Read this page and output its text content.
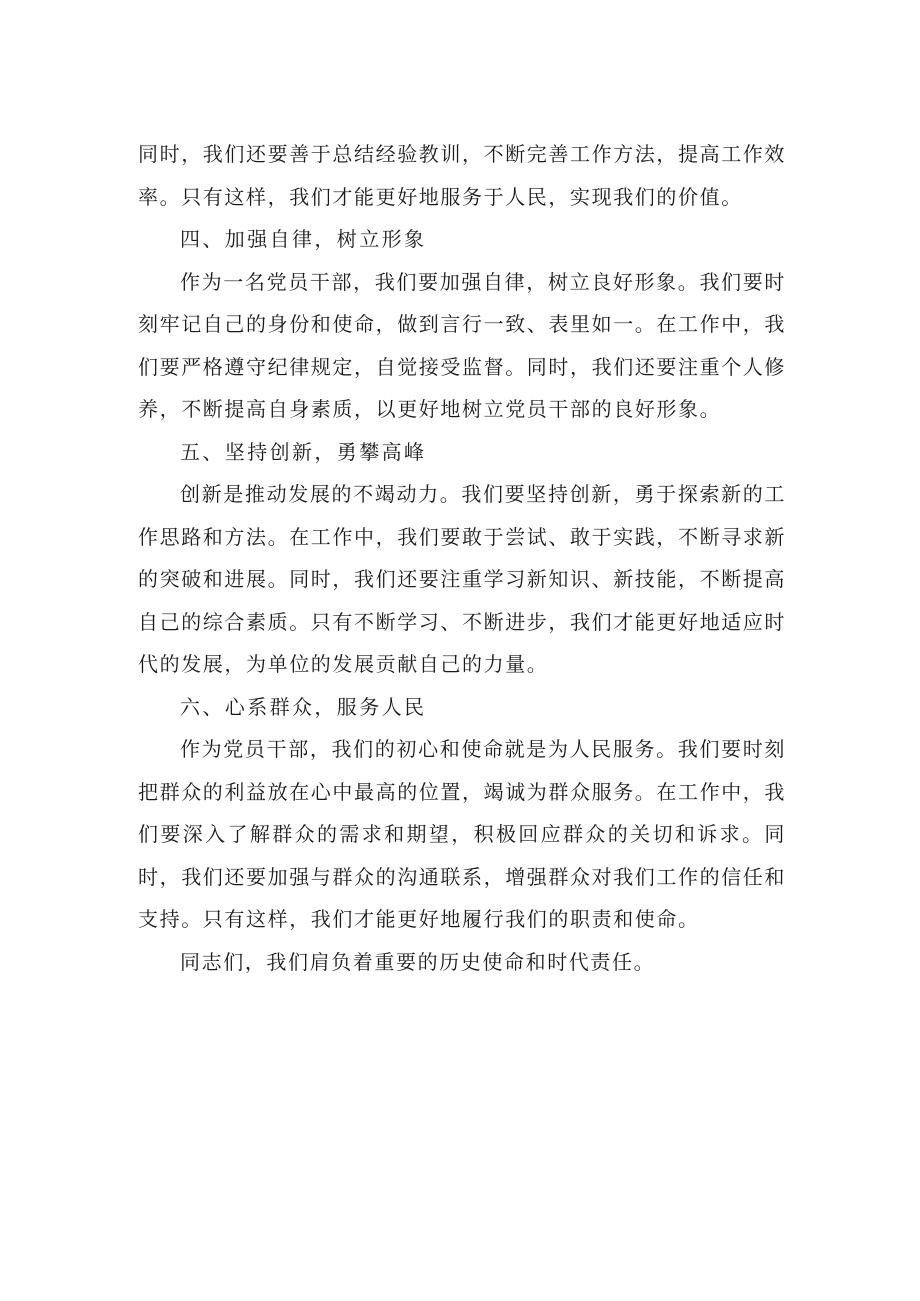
同时，我们还要善于总结经验教训，不断完善工作方法，提高工作效率。只有这样，我们才能更好地服务于人民，实现我们的价值。

四、加强自律，树立形象

作为一名党员干部，我们要加强自律，树立良好形象。我们要时刻牢记自己的身份和使命，做到言行一致、表里如一。在工作中，我们要严格遵守纪律规定，自觉接受监督。同时，我们还要注重个人修养，不断提高自身素质，以更好地树立党员干部的良好形象。

五、坚持创新，勇攀高峰

创新是推动发展的不竭动力。我们要坚持创新，勇于探索新的工作思路和方法。在工作中，我们要敢于尝试、敢于实践，不断寻求新的突破和进展。同时，我们还要注重学习新知识、新技能，不断提高自己的综合素质。只有不断学习、不断进步，我们才能更好地适应时代的发展，为单位的发展贡献自己的力量。

六、心系群众，服务人民

作为党员干部，我们的初心和使命就是为人民服务。我们要时刻把群众的利益放在心中最高的位置，竭诚为群众服务。在工作中，我们要深入了解群众的需求和期望，积极回应群众的关切和诉求。同时，我们还要加强与群众的沟通联系，增强群众对我们工作的信任和支持。只有这样，我们才能更好地履行我们的职责和使命。

同志们，我们肩负着重要的历史使命和时代责任。
